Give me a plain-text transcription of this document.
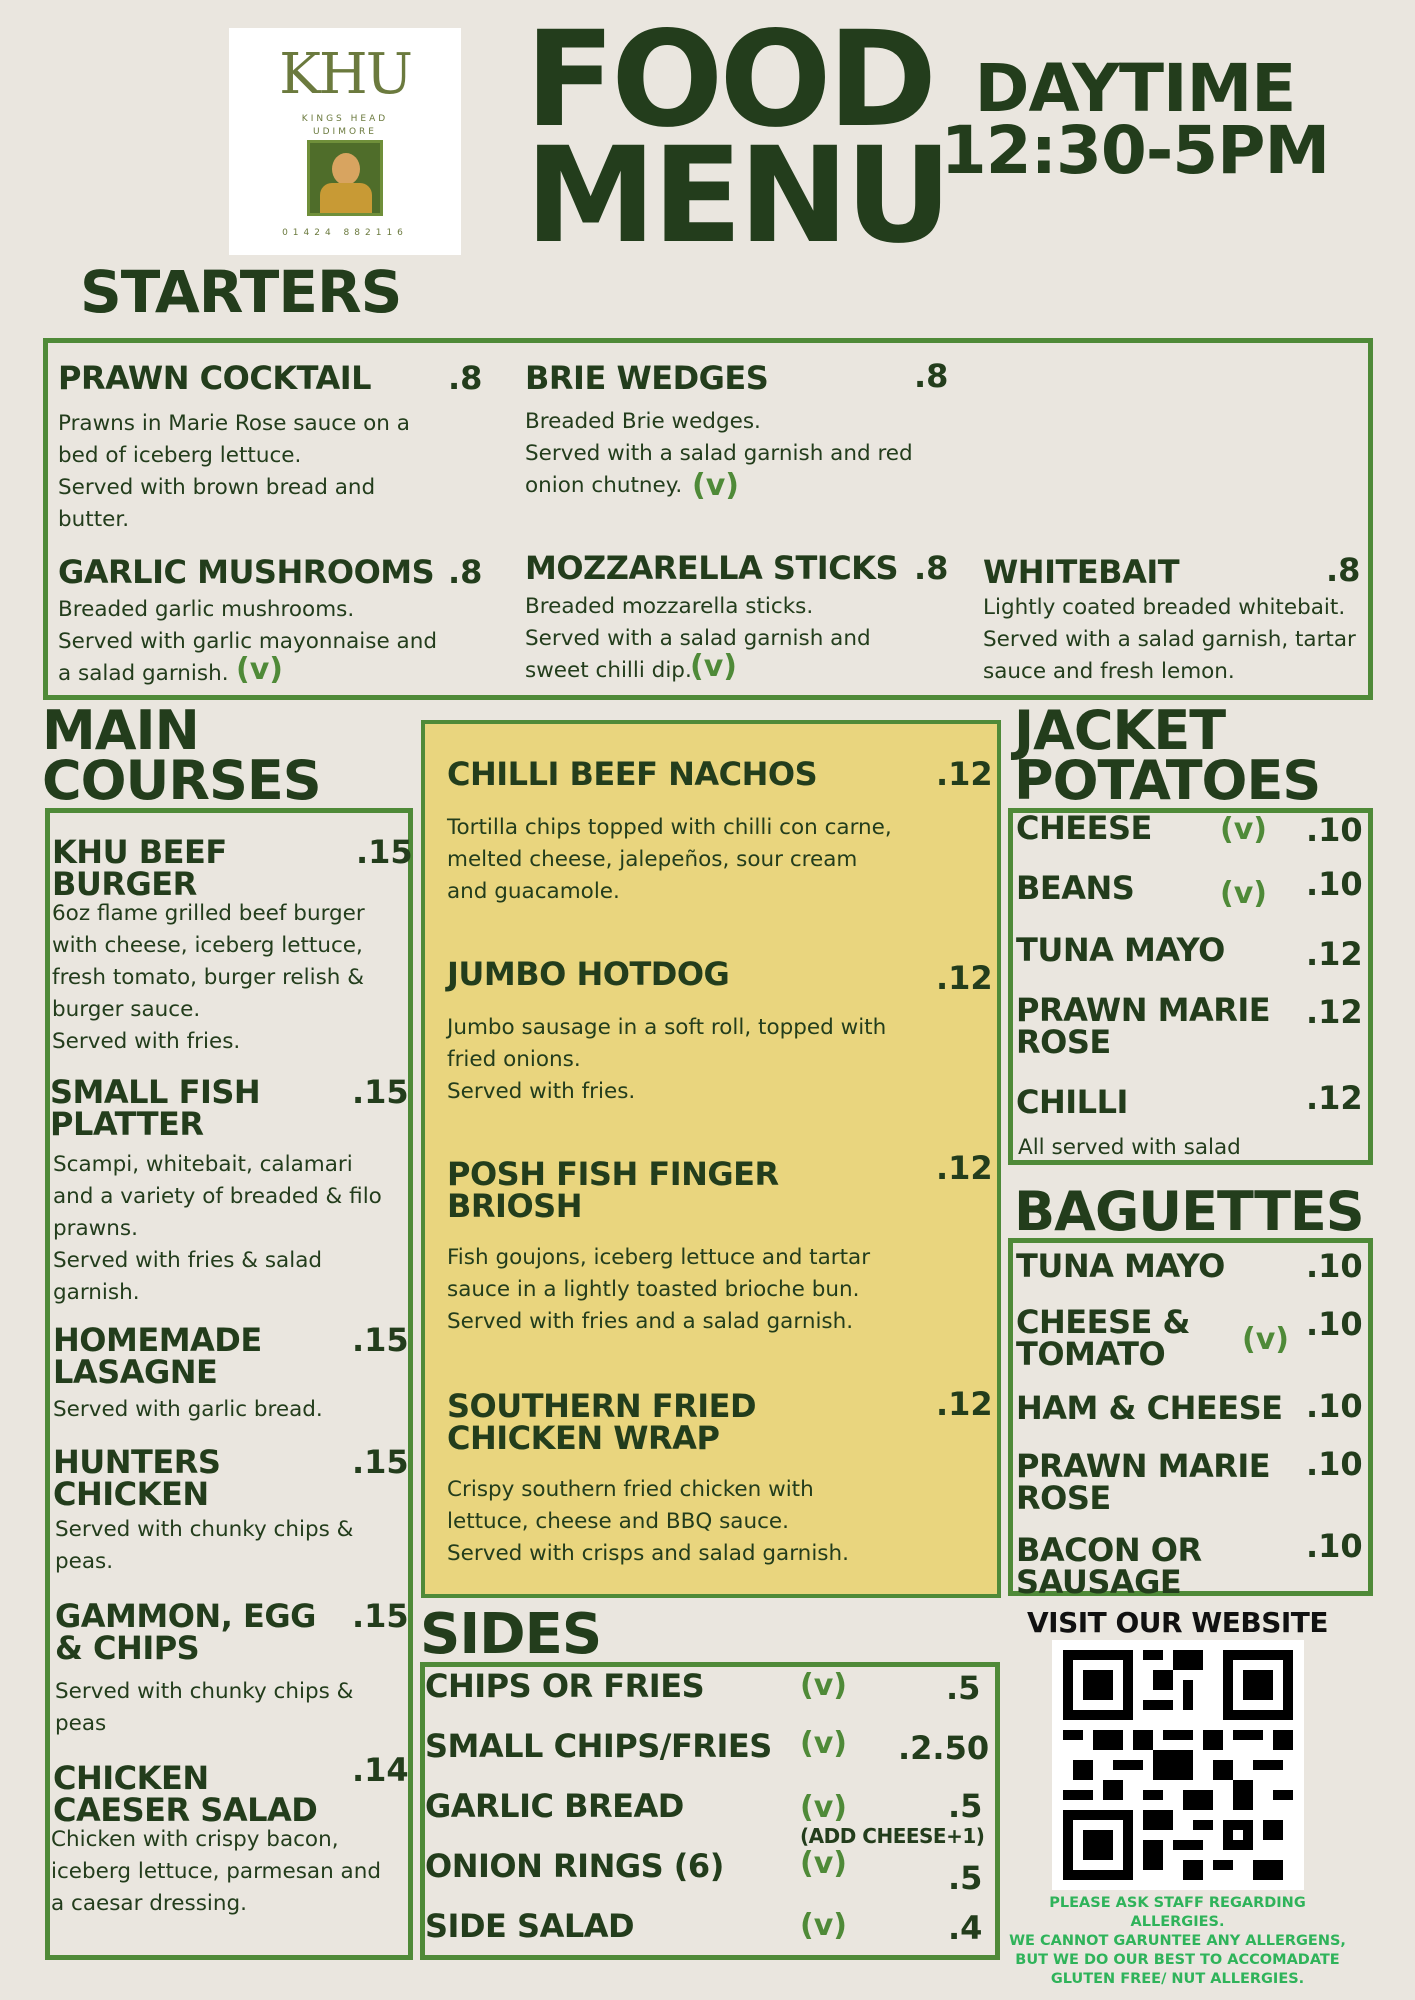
KHU
KINGS HEAD
UDIMORE
01424 882116
FOOD
MENU
DAYTIME
12:30-5PM
STARTERS
PRAWN COCKTAIL .8
Prawns in Marie Rose sauce on a
bed of iceberg lettuce.
Served with brown bread and
butter.
BRIE WEDGES	.8
Breaded Brie wedges.
Served with a salad garnish and red
onion chutney. (v)
GARLIC MUSHROOMS .8
Breaded garlic mushrooms.
Served with garlic mayonnaise and
a salad garnish. (v)
MOZZARELLA STICKS .8
Breaded mozzarella sticks.
Served with a salad garnish and
sweet chilli dip.
(v)
WHITEBAIT	.8
Lightly coated breaded whitebait.
Served with a salad garnish, tartar
sauce and fresh lemon.
MAIN
COURSES
KHU BEEF
BURGER
.15
6oz flame grilled beef burger
with cheese, iceberg lettuce,
fresh tomato, burger relish &
burger sauce.
Served with fries.
SMALL FISH
PLATTER
.15
Scampi, whitebait, calamari
and a variety of breaded & filo
prawns.
Served with fries & salad
garnish.
HOMEMADE
LASAGNE
.15
Served with garlic bread.
HUNTERS
CHICKEN
.15
Served with chunky chips &
peas.
GAMMON, EGG
& CHIPS
.15
Served with chunky chips &
peas
CHICKEN
CAESER SALAD
.14
Chicken with crispy bacon,
iceberg lettuce, parmesan and
a caesar dressing.
CHILLI BEEF NACHOS	.12
Tortilla chips topped with chilli con carne,
melted cheese, jalepeños, sour cream
and guacamole.
JUMBO HOTDOG	.12
Jumbo sausage in a soft roll, topped with
fried onions.
Served with fries.
POSH FISH FINGER
BRIOSH
.12
Fish goujons, iceberg lettuce and tartar
sauce in a lightly toasted brioche bun.
Served with fries and a salad garnish.
SOUTHERN FRIED
CHICKEN WRAP
.12
Crispy southern fried chicken with
lettuce, cheese and BBQ sauce.
Served with crisps and salad garnish.
JACKET
POTATOES
CHEESE (v) .10
BEANS	(v) .10
TUNA MAYO	.12
PRAWN MARIE
ROSE
.12
CHILLI	.12
All served with salad
BAGUETTES
TUNA MAYO	.10
CHEESE &
TOMATO	(v) .10
HAM & CHEESE .10
PRAWN MARIE
ROSE
.10
BACON OR
SAUSAGE
.10
SIDES
CHIPS OR FRIES	(v)	.5
SMALL CHIPS/FRIES (v) .2.50
GARLIC BREAD	(v)	.5
(ADD CHEESE+1)
ONION RINGS (6)	(v)	.5
SIDE SALAD	(v)	.4
VISIT OUR WEBSITE
PLEASE ASK STAFF REGARDING ALLERGIES.
WE CANNOT GARUNTEE ANY ALLERGENS,
BUT WE DO OUR BEST TO ACCOMADATE
GLUTEN FREE/ NUT ALLERGIES.
